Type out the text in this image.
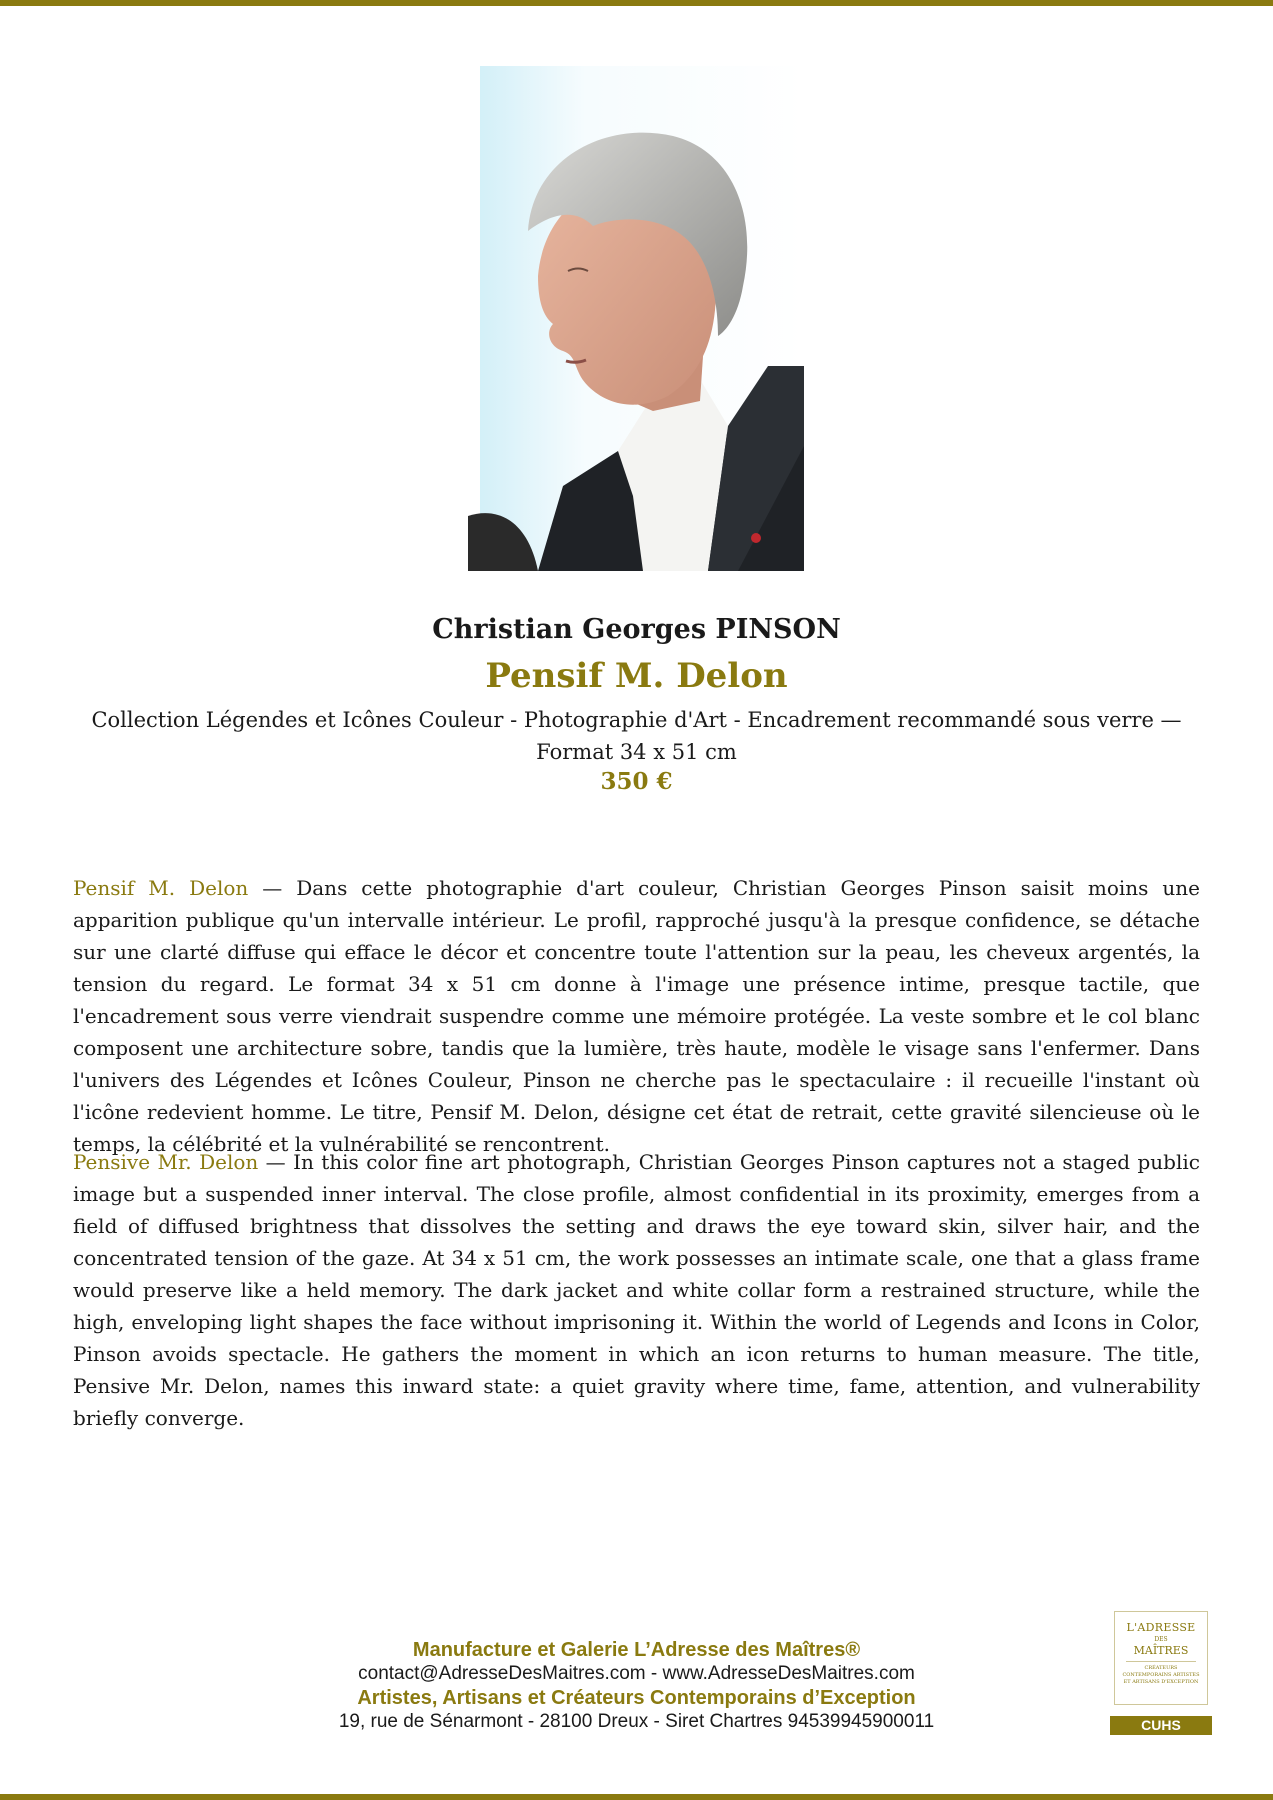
Christian Georges PINSON
Pensif M. Delon
Collection Légendes et Icônes Couleur - Photographie d'Art - Encadrement recommandé sous verre — Format 34 x 51 cm
350 €

Pensif M. Delon — Dans cette photographie d'art couleur, Christian Georges Pinson saisit moins une apparition publique qu'un intervalle intérieur. Le profil, rapproché jusqu'à la presque confidence, se détache sur une clarté diffuse qui efface le décor et concentre toute l'attention sur la peau, les cheveux argentés, la tension du regard. Le format 34 x 51 cm donne à l'image une présence intime, presque tactile, que l'encadrement sous verre viendrait suspendre comme une mémoire protégée. La veste sombre et le col blanc composent une architecture sobre, tandis que la lumière, très haute, modèle le visage sans l'enfermer. Dans l'univers des Légendes et Icônes Couleur, Pinson ne cherche pas le spectaculaire : il recueille l'instant où l'icône redevient homme. Le titre, Pensif M. Delon, désigne cet état de retrait, cette gravité silencieuse où le temps, la célébrité et la vulnérabilité se rencontrent.

Pensive Mr. Delon — In this color fine art photograph, Christian Georges Pinson captures not a staged public image but a suspended inner interval. The close profile, almost confidential in its proximity, emerges from a field of diffused brightness that dissolves the setting and draws the eye toward skin, silver hair, and the concentrated tension of the gaze. At 34 x 51 cm, the work possesses an intimate scale, one that a glass frame would preserve like a held memory. The dark jacket and white collar form a restrained structure, while the high, enveloping light shapes the face without imprisoning it. Within the world of Legends and Icons in Color, Pinson avoids spectacle. He gathers the moment in which an icon returns to human measure. The title, Pensive Mr. Delon, names this inward state: a quiet gravity where time, fame, attention, and vulnerability briefly converge.

Manufacture et Galerie L’Adresse des Maîtres®
contact@AdresseDesMaitres.com - www.AdresseDesMaitres.com
Artistes, Artisans et Créateurs Contemporains d’Exception
19, rue de Sénarmont - 28100 Dreux - Siret Chartres 94539945900011
L'ADRESSE
DES
MAÎTRES
CRÉATEURS CONTEMPORAINS ARTISTES ET ARTISANS D'EXCEPTION
CUHS
